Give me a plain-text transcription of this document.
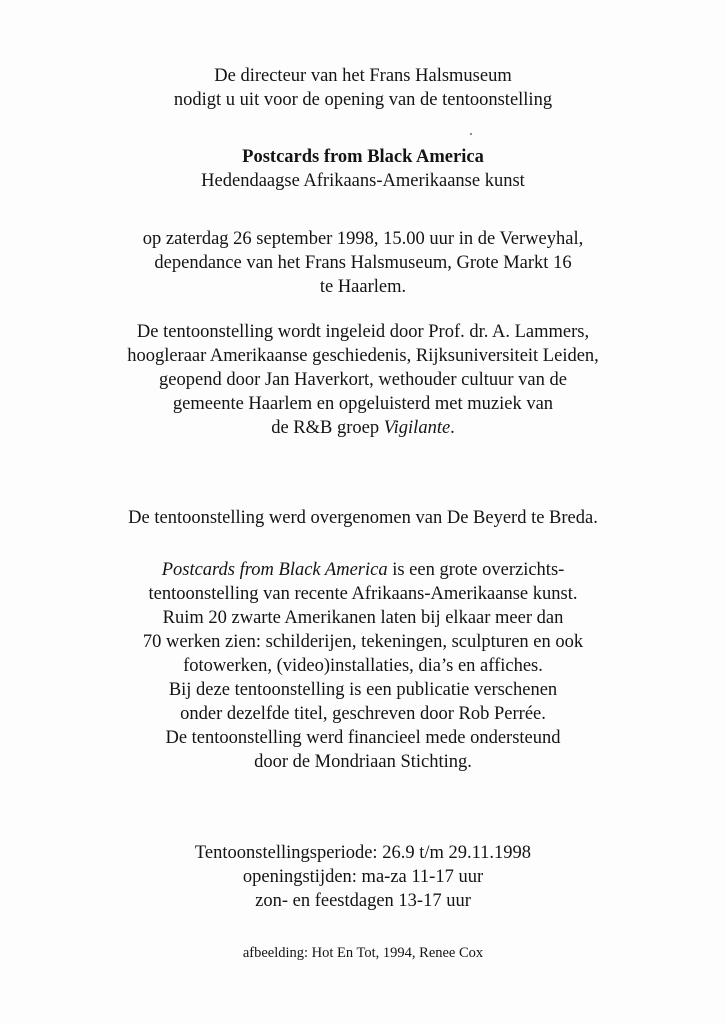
De directeur van het Frans Halsmuseum
nodigt u uit voor de opening van de tentoonstelling
Postcards from Black America
Hedendaagse Afrikaans-Amerikaanse kunst
op zaterdag 26 september 1998, 15.00 uur in de Verweyhal,
dependance van het Frans Halsmuseum, Grote Markt 16
te Haarlem.
De tentoonstelling wordt ingeleid door Prof. dr. A. Lammers,
hoogleraar Amerikaanse geschiedenis, Rijksuniversiteit Leiden,
geopend door Jan Haverkort, wethouder cultuur van de
gemeente Haarlem en opgeluisterd met muziek van
de R&B groep Vigilante.
De tentoonstelling werd overgenomen van De Beyerd te Breda.
Postcards from Black America is een grote overzichts-
tentoonstelling van recente Afrikaans-Amerikaanse kunst.
Ruim 20 zwarte Amerikanen laten bij elkaar meer dan
70 werken zien: schilderijen, tekeningen, sculpturen en ook
fotowerken, (video)installaties, dia’s en affiches.
Bij deze tentoonstelling is een publicatie verschenen
onder dezelfde titel, geschreven door Rob Perrée.
De tentoonstelling werd financieel mede ondersteund
door de Mondriaan Stichting.
Tentoonstellingsperiode: 26.9 t/m 29.11.1998
openingstijden: ma-za 11-17 uur
zon- en feestdagen 13-17 uur
afbeelding: Hot En Tot, 1994, Renee Cox
